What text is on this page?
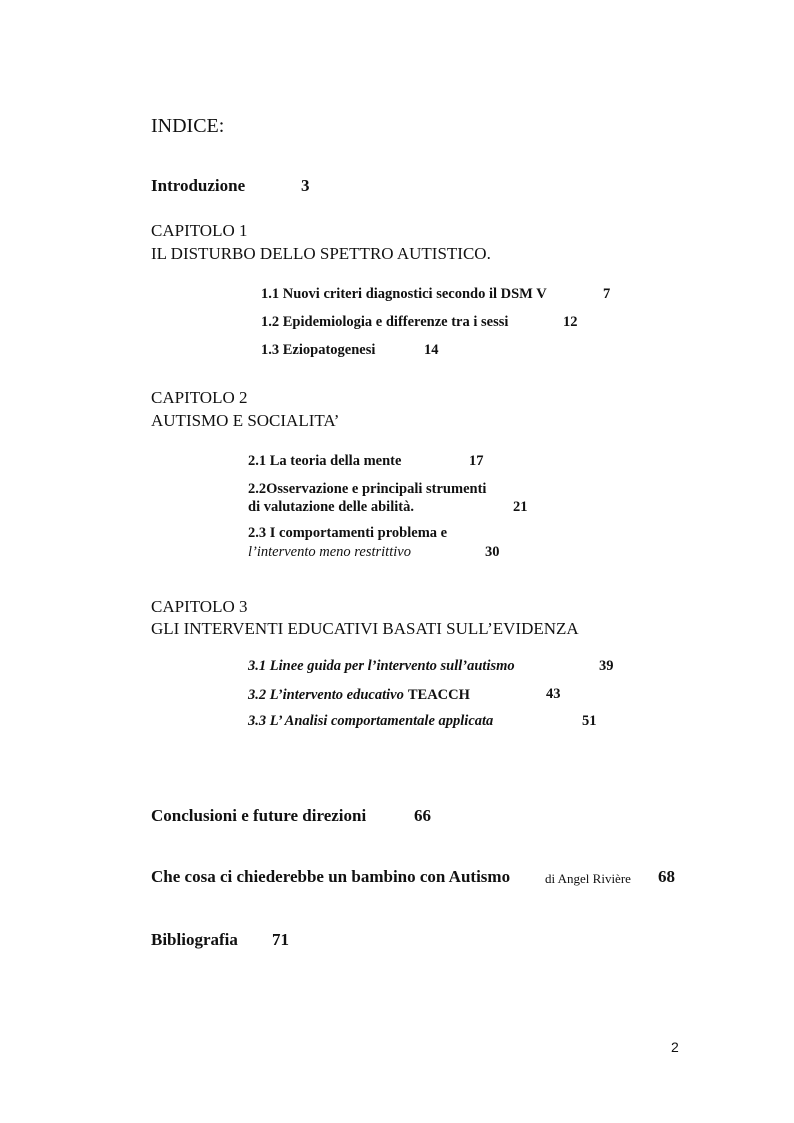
INDICE:
Introduzione	3
CAPITOLO 1
IL DISTURBO DELLO SPETTRO AUTISTICO.
1.1 Nuovi criteri diagnostici secondo il DSM V	7
1.2 Epidemiologia e differenze tra i sessi	12
1.3 Eziopatogenesi	14
CAPITOLO 2
AUTISMO E SOCIALITA’
2.1 La teoria della mente	17
2.2Osservazione e principali strumenti
di valutazione delle abilità.	21
2.3 I comportamenti problema e
l’intervento meno restrittivo	30
CAPITOLO 3
GLI INTERVENTI EDUCATIVI BASATI SULL’EVIDENZA
3.1 Linee guida per l’intervento sull’autismo	39
3.2 L’intervento educativo TEACCH	43
3.3 L’ Analisi comportamentale applicata	51
Conclusioni e future direzioni	66
Che cosa ci chiederebbe un bambino con Autismo	di Angel Rivière 68
Bibliografia 71
2
